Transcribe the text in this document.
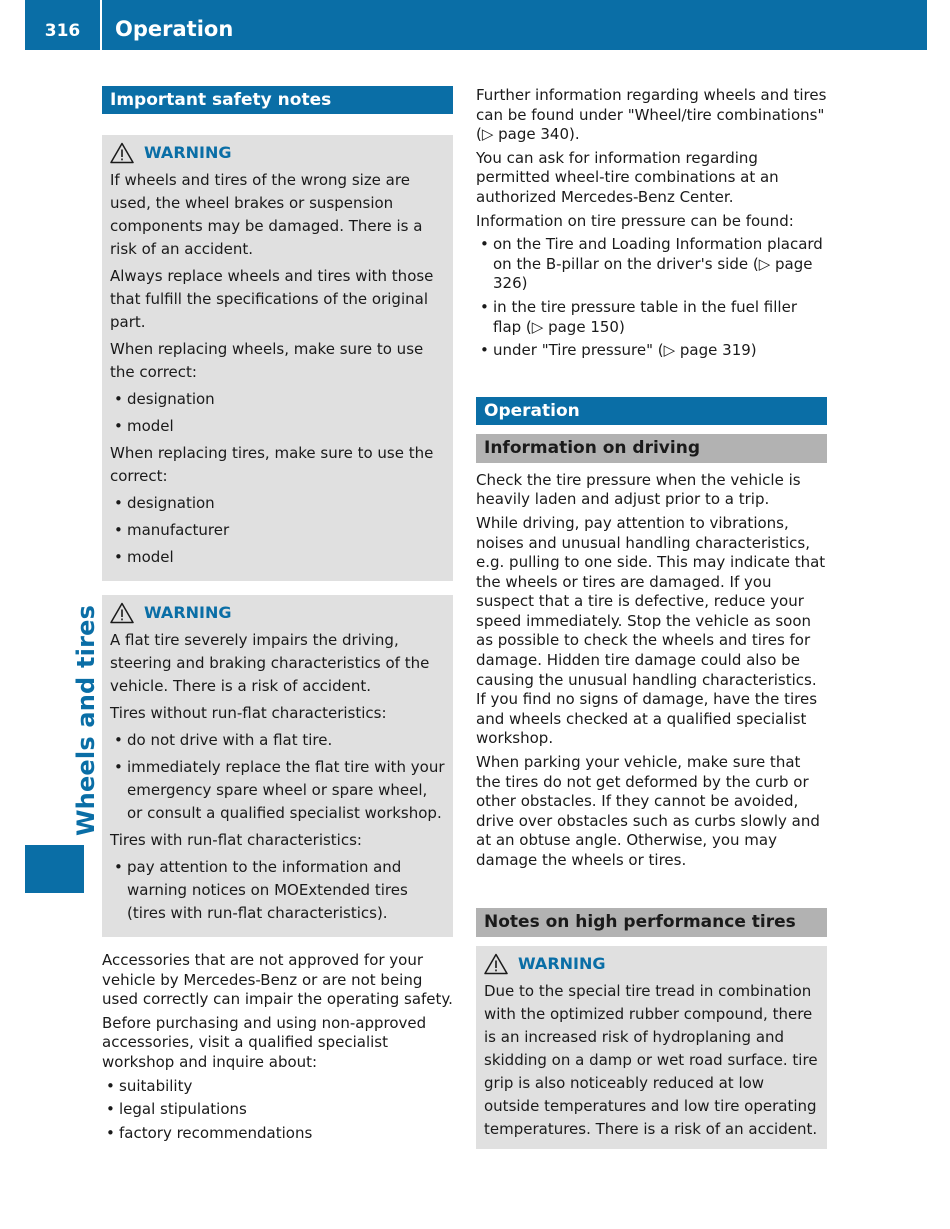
316	Operation
Wheels and tires
Important safety notes
WARNING

If wheels and tires of the wrong size are used, the wheel brakes or suspension components may be damaged. There is a risk of an accident.

Always replace wheels and tires with those that fulfill the specifications of the original part.

When replacing wheels, make sure to use the correct:

• designation
• model

When replacing tires, make sure to use the correct:

• designation
• manufacturer
• model
WARNING

A flat tire severely impairs the driving, steering and braking characteristics of the vehicle. There is a risk of accident.

Tires without run-flat characteristics:

• do not drive with a flat tire.
• immediately replace the flat tire with your emergency spare wheel or spare wheel, or consult a qualified specialist workshop.

Tires with run-flat characteristics:

• pay attention to the information and warning notices on MOExtended tires (tires with run-flat characteristics).

Accessories that are not approved for your vehicle by Mercedes-Benz or are not being used correctly can impair the operating safety.

Before purchasing and using non-approved accessories, visit a qualified specialist workshop and inquire about:

• suitability
• legal stipulations
• factory recommendations

Further information regarding wheels and tires can be found under "Wheel/tire combinations" (▷ page 340).

You can ask for information regarding permitted wheel-tire combinations at an authorized Mercedes-Benz Center.

Information on tire pressure can be found:

• on the Tire and Loading Information placard on the B-pillar on the driver's side (▷ page 326)
• in the tire pressure table in the fuel filler flap (▷ page 150)
• under "Tire pressure" (▷ page 319)
Operation
Information on driving

Check the tire pressure when the vehicle is heavily laden and adjust prior to a trip.

While driving, pay attention to vibrations, noises and unusual handling characteristics, e.g. pulling to one side. This may indicate that the wheels or tires are damaged. If you suspect that a tire is defective, reduce your speed immediately. Stop the vehicle as soon as possible to check the wheels and tires for damage. Hidden tire damage could also be causing the unusual handling characteristics. If you find no signs of damage, have the tires and wheels checked at a qualified specialist workshop.

When parking your vehicle, make sure that the tires do not get deformed by the curb or other obstacles. If they cannot be avoided, drive over obstacles such as curbs slowly and at an obtuse angle. Otherwise, you may damage the wheels or tires.

Notes on high performance tires
WARNING

Due to the special tire tread in combination with the optimized rubber compound, there is an increased risk of hydroplaning and skidding on a damp or wet road surface. tire grip is also noticeably reduced at low outside temperatures and low tire operating temperatures. There is a risk of an accident.
